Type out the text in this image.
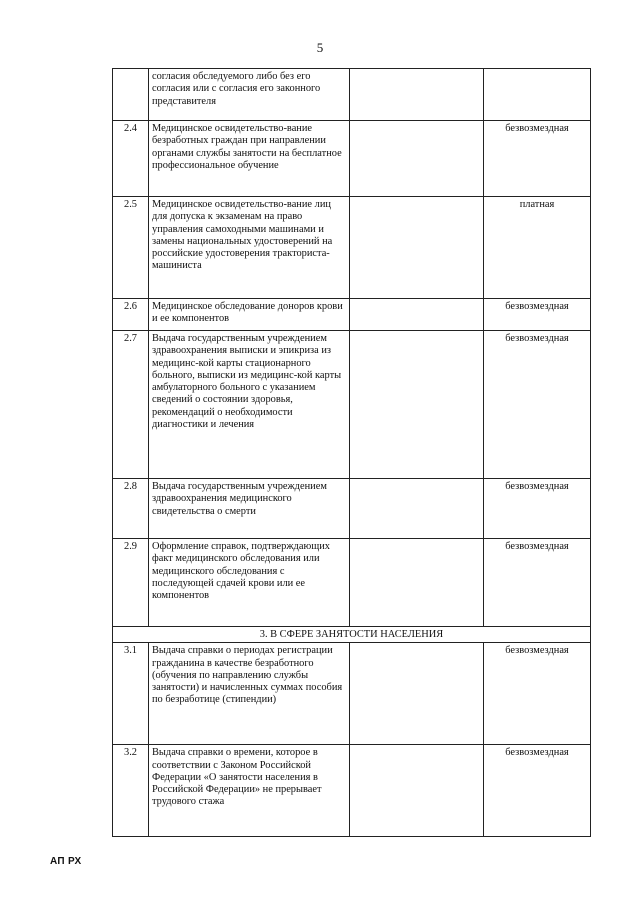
5
	согласия обследуемого либо без его согласия или с согласия его законного представителя		
2.4	Медицинское освидетельство-вание безработных граждан при направлении органами службы занятости на бесплатное профессиональное обучение		безвозмездная
2.5	Медицинское освидетельство-вание лиц для допуска к экзаменам на право управления самоходными машинами и замены национальных удостоверений на российские удостоверения тракториста-машиниста		платная
2.6	Медицинское обследование доноров крови и ее компонентов		безвозмездная
2.7	Выдача государственным учреждением здравоохранения выписки и эпикриза из медицинс-кой карты стационарного больного, выписки из медицинс-кой карты амбулаторного больного с указанием сведений о состоянии здоровья, рекомендаций о необходимости диагностики и лечения		безвозмездная
2.8	Выдача государственным учреждением здравоохранения медицинского свидетельства о смерти		безвозмездная
2.9	Оформление справок, подтверждающих факт медицинского обследования или медицинского обследования с последующей сдачей крови или ее компонентов		безвозмездная
3. В СФЕРЕ ЗАНЯТОСТИ НАСЕЛЕНИЯ			
3.1	Выдача справки о периодах регистрации гражданина в качестве безработного (обучения по направлению службы занятости) и начисленных суммах пособия по безработице (стипендии)		безвозмездная
3.2	Выдача справки о времени, которое в соответствии с Законом Российской Федерации «О занятости населения в Российской Федерации» не прерывает трудового стажа		безвозмездная
АП РХ
